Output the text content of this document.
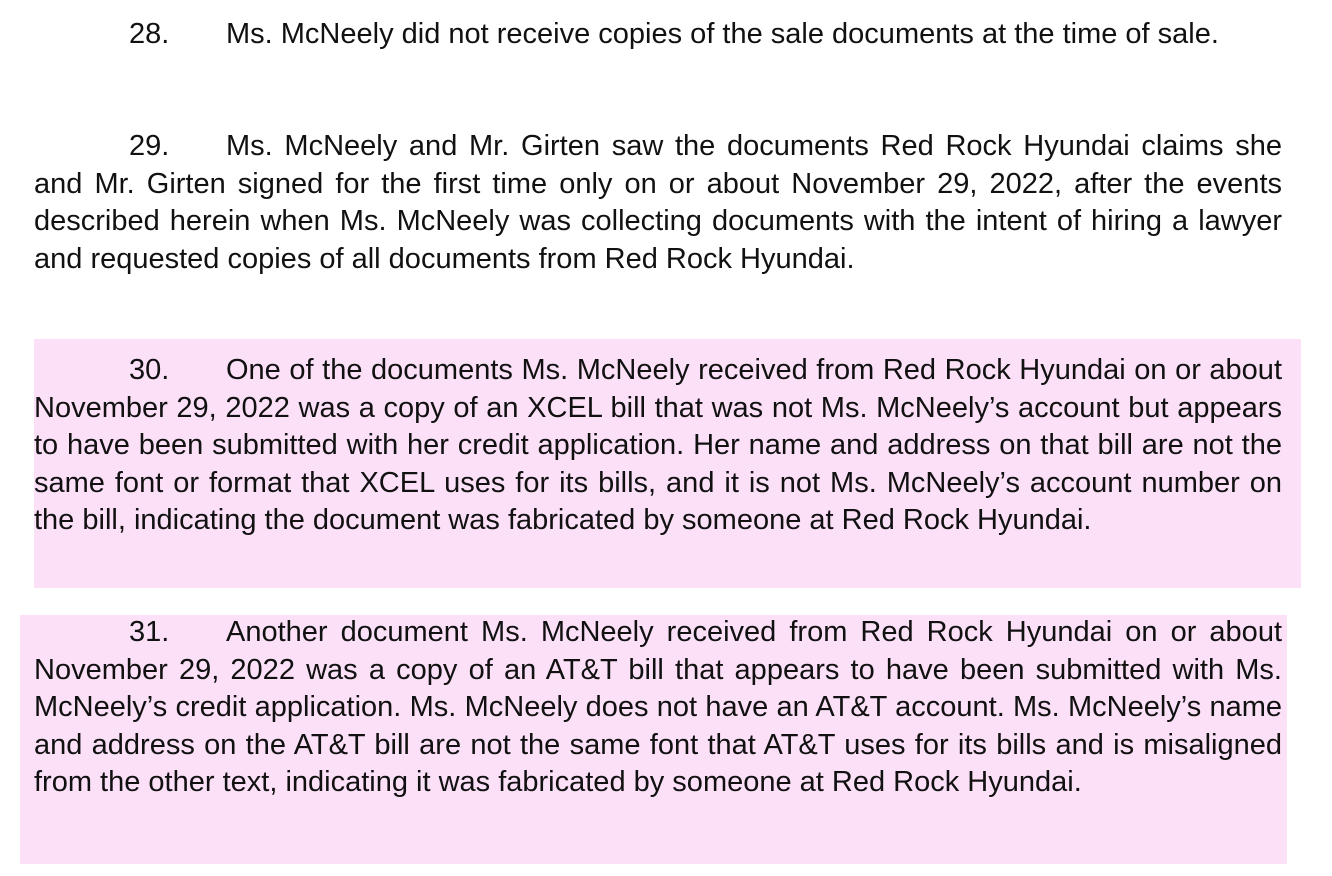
28. Ms. McNeely did not receive copies of the sale documents at the time of sale.

29. Ms. McNeely and Mr. Girten saw the documents Red Rock Hyundai claims she and Mr. Girten signed for the first time only on or about November 29, 2022, after the events described herein when Ms. McNeely was collecting documents with the intent of hiring a lawyer and requested copies of all documents from Red Rock Hyundai.

30. One of the documents Ms. McNeely received from Red Rock Hyundai on or about November 29, 2022 was a copy of an XCEL bill that was not Ms. McNeely’s account but appears to have been submitted with her credit application. Her name and address on that bill are not the same font or format that XCEL uses for its bills, and it is not Ms. McNeely’s account number on the bill, indicating the document was fabricated by someone at Red Rock Hyundai.

31. Another document Ms. McNeely received from Red Rock Hyundai on or about November 29, 2022 was a copy of an AT&T bill that appears to have been submitted with Ms. McNeely’s credit application. Ms. McNeely does not have an AT&T account. Ms. McNeely’s name and address on the AT&T bill are not the same font that AT&T uses for its bills and is misaligned from the other text, indicating it was fabricated by someone at Red Rock Hyundai.
